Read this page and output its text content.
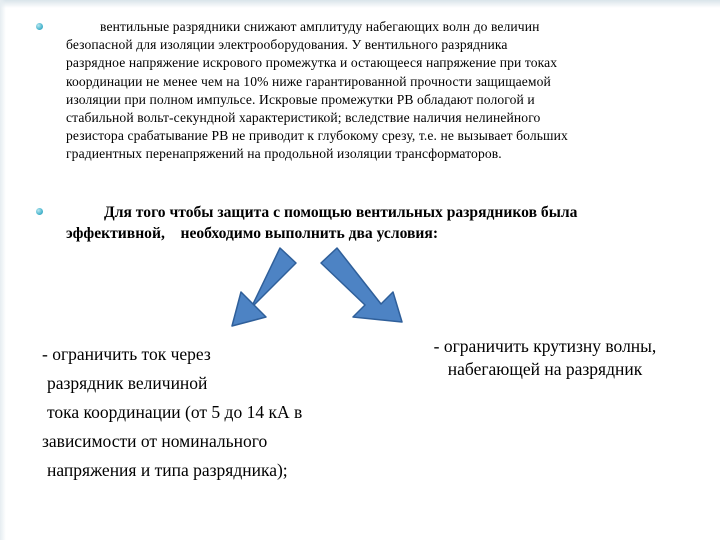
вентильные разрядники снижают амплитуду набегающих волн до величин
безопасной для изоляции электрооборудования. У вентильного разрядника
разрядное напряжение искрового промежутка и остающееся напряжение при токах
координации не менее чем на 10% ниже гарантированной прочности защищаемой
изоляции при полном импульсе. Искровые промежутки РВ обладают пологой и
стабильной вольт-секундной характеристикой; вследствие наличия нелинейного
резистора срабатывание РВ не приводит к глубокому срезу, т.е. не вызывает больших
градиентных перенапряжений на продольной изоляции трансформаторов.
Для того чтобы защита с помощью вентильных разрядников была
эффективной,    необходимо выполнить два условия:
- ограничить ток через
разрядник величиной
тока координации (от 5 до 14 кА в
зависимости от номинального
напряжения и типа разрядника);
- ограничить крутизну волны,
набегающей на разрядник
